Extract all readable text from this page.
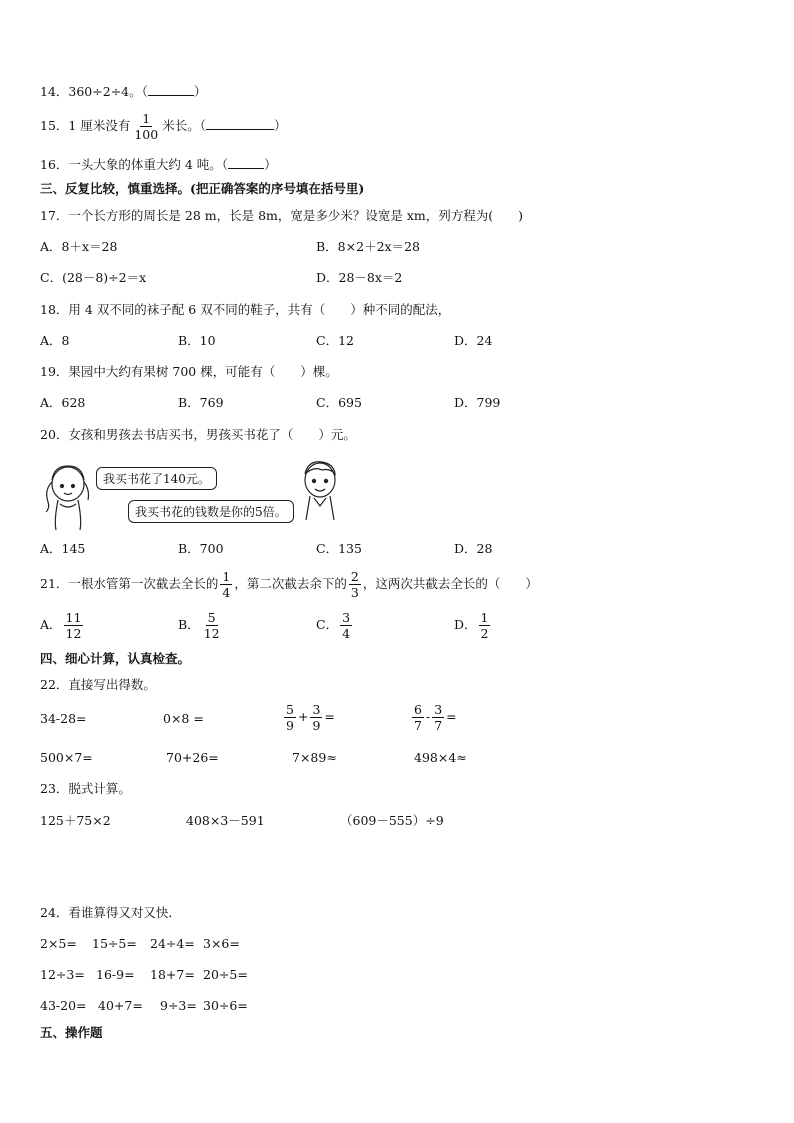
14．360÷2÷4。（	）
15．1 厘米没有 $\frac{1}{100}$ 米长。（	）
16．一头大象的体重大约 4 吨。（	）
三、反复比较，慎重选择。(把正确答案的序号填在括号里)
17．一个长方形的周长是 28 m，长是 8m，宽是多少米？设宽是 xm，列方程为(　　)
A．8＋x＝28	B．8×2＋2x＝28
C．(28－8)÷2＝x	D．28－8x＝2
18．用 4 双不同的袜子配 6 双不同的鞋子，共有（　　）种不同的配法，
A．8	B．10	C．12	D．24
19．果园中大约有果树 700 棵，可能有（　　）棵。
A．628	B．769	C．695	D．799
20．女孩和男孩去书店买书，男孩买书花了（　　）元。
我买书花了140元。
我买书花的钱数是你的5倍。
A．145	B．700	C．135	D．28
21．一根水管第一次截去全长的 $\frac{1}{4}$ ，第二次截去余下的 $\frac{2}{3}$ ，这两次共截去全长的（　　）
A． $\frac{11}{12}$	B． $\frac{5}{12}$	C． $\frac{3}{4}$	D． $\frac{1}{2}$
四、细心计算，认真检查。
22．直接写出得数。
34-28=	0×8 =	$\frac{5}{9} + \frac{3}{9}$ =	$\frac{6}{7} - \frac{3}{7}$ =
500×7=	70+26=	7×89≈	498×4≈
23．脱式计算。
125＋75×2	408×3－591	（609－555）÷9
24．看谁算得又对又快．
2×5= 15÷5= 24÷4= 3×6=
12÷3= 16-9= 18+7= 20÷5=
43-20= 40+7= 9÷3= 30÷6=
五、操作题
